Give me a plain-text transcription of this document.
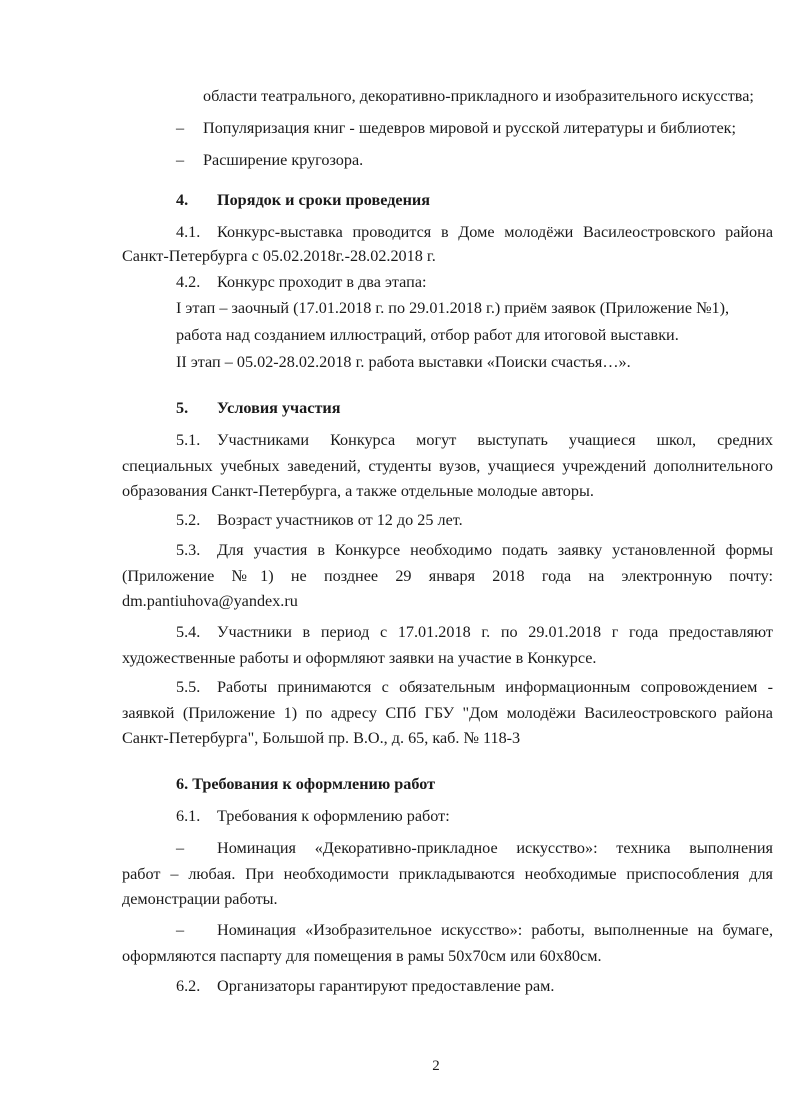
области театрального, декоративно-прикладного и изобразительного искусства;

– Популяризация книг - шедевров мировой и русской литературы и библиотек;

– Расширение кругозора.

4. Порядок и сроки проведения

4.1. Конкурс-выставка проводится в Доме молодёжи Василеостровского района

Санкт-Петербурга с 05.02.2018г.-28.02.2018 г.

4.2. Конкурс проходит в два этапа:

I этап – заочный (17.01.2018 г. по 29.01.2018 г.) приём заявок (Приложение №1),

работа над созданием иллюстраций, отбор работ для итоговой выставки.

II этап – 05.02-28.02.2018 г. работа выставки «Поиски счастья…».

5. Условия участия

5.1. Участниками Конкурса могут выступать учащиеся школ, средних

специальных учебных заведений, студенты вузов, учащиеся учреждений дополнительного

образования Санкт-Петербурга, а также отдельные молодые авторы.

5.2. Возраст участников от 12 до 25 лет.

5.3. Для участия в Конкурсе необходимо подать заявку установленной формы

(Приложение №1) не позднее 29 января 2018 года на электронную почту:

dm.pantiuhova@yandex.ru

5.4. Участники в период с 17.01.2018 г. по 29.01.2018 г года предоставляют

художественные работы и оформляют заявки на участие в Конкурсе.

5.5. Работы принимаются с обязательным информационным сопровождением -

заявкой (Приложение 1) по адресу СПб ГБУ "Дом молодёжи Василеостровского района

Санкт-Петербурга", Большой пр. В.О., д. 65, каб. № 118-3

6. Требования к оформлению работ

6.1. Требования к оформлению работ:

– Номинация «Декоративно-прикладное искусство»: техника выполнения

работ – любая. При необходимости прикладываются необходимые приспособления для

демонстрации работы.

– Номинация «Изобразительное искусство»: работы, выполненные на бумаге,

оформляются паспарту для помещения в рамы 50х70см или 60х80см.

6.2. Организаторы гарантируют предоставление рам.

2
